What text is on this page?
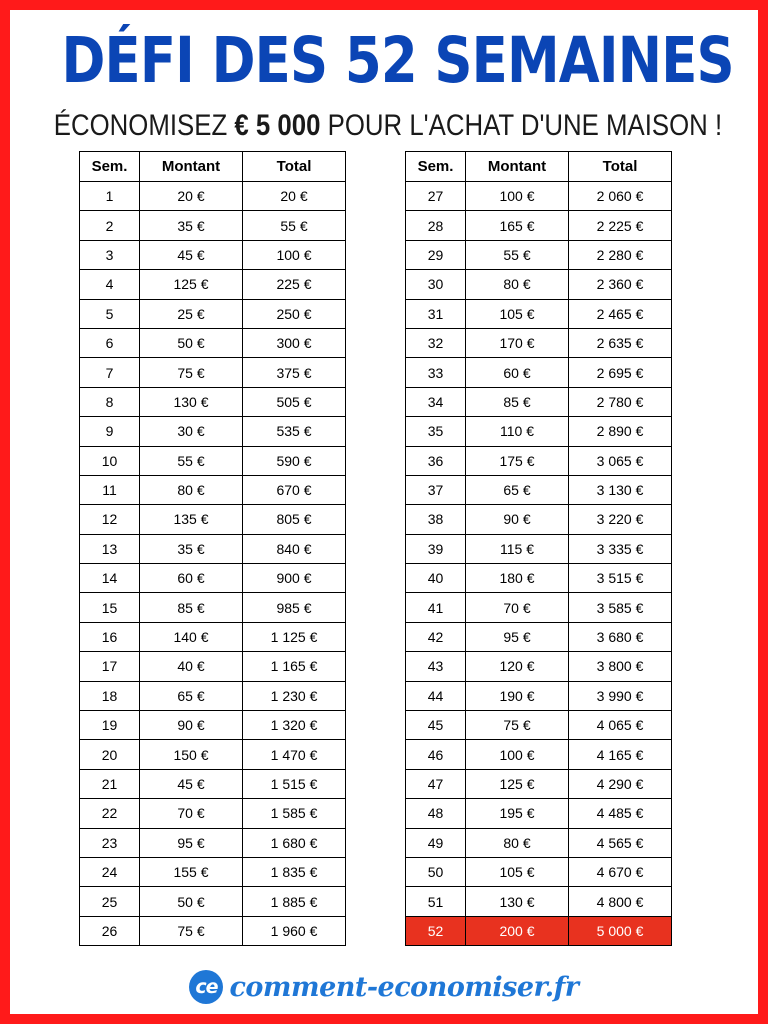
DÉFI DES 52 SEMAINES
ÉCONOMISEZ € 5 000 POUR L'ACHAT D'UNE MAISON !
Sem.	Montant	Total
1	20 €	20 €
2	35 €	55 €
3	45 €	100 €
4	125 €	225 €
5	25 €	250 €
6	50 €	300 €
7	75 €	375 €
8	130 €	505 €
9	30 €	535 €
10	55 €	590 €
11	80 €	670 €
12	135 €	805 €
13	35 €	840 €
14	60 €	900 €
15	85 €	985 €
16	140 €	1 125 €
17	40 €	1 165 €
18	65 €	1 230 €
19	90 €	1 320 €
20	150 €	1 470 €
21	45 €	1 515 €
22	70 €	1 585 €
23	95 €	1 680 €
24	155 €	1 835 €
25	50 €	1 885 €
26	75 €	1 960 €
Sem.	Montant	Total
27	100 €	2 060 €
28	165 €	2 225 €
29	55 €	2 280 €
30	80 €	2 360 €
31	105 €	2 465 €
32	170 €	2 635 €
33	60 €	2 695 €
34	85 €	2 780 €
35	110 €	2 890 €
36	175 €	3 065 €
37	65 €	3 130 €
38	90 €	3 220 €
39	115 €	3 335 €
40	180 €	3 515 €
41	70 €	3 585 €
42	95 €	3 680 €
43	120 €	3 800 €
44	190 €	3 990 €
45	75 €	4 065 €
46	100 €	4 165 €
47	125 €	4 290 €
48	195 €	4 485 €
49	80 €	4 565 €
50	105 €	4 670 €
51	130 €	4 800 €
52	200 €	5 000 €
ce comment-economiser.fr
